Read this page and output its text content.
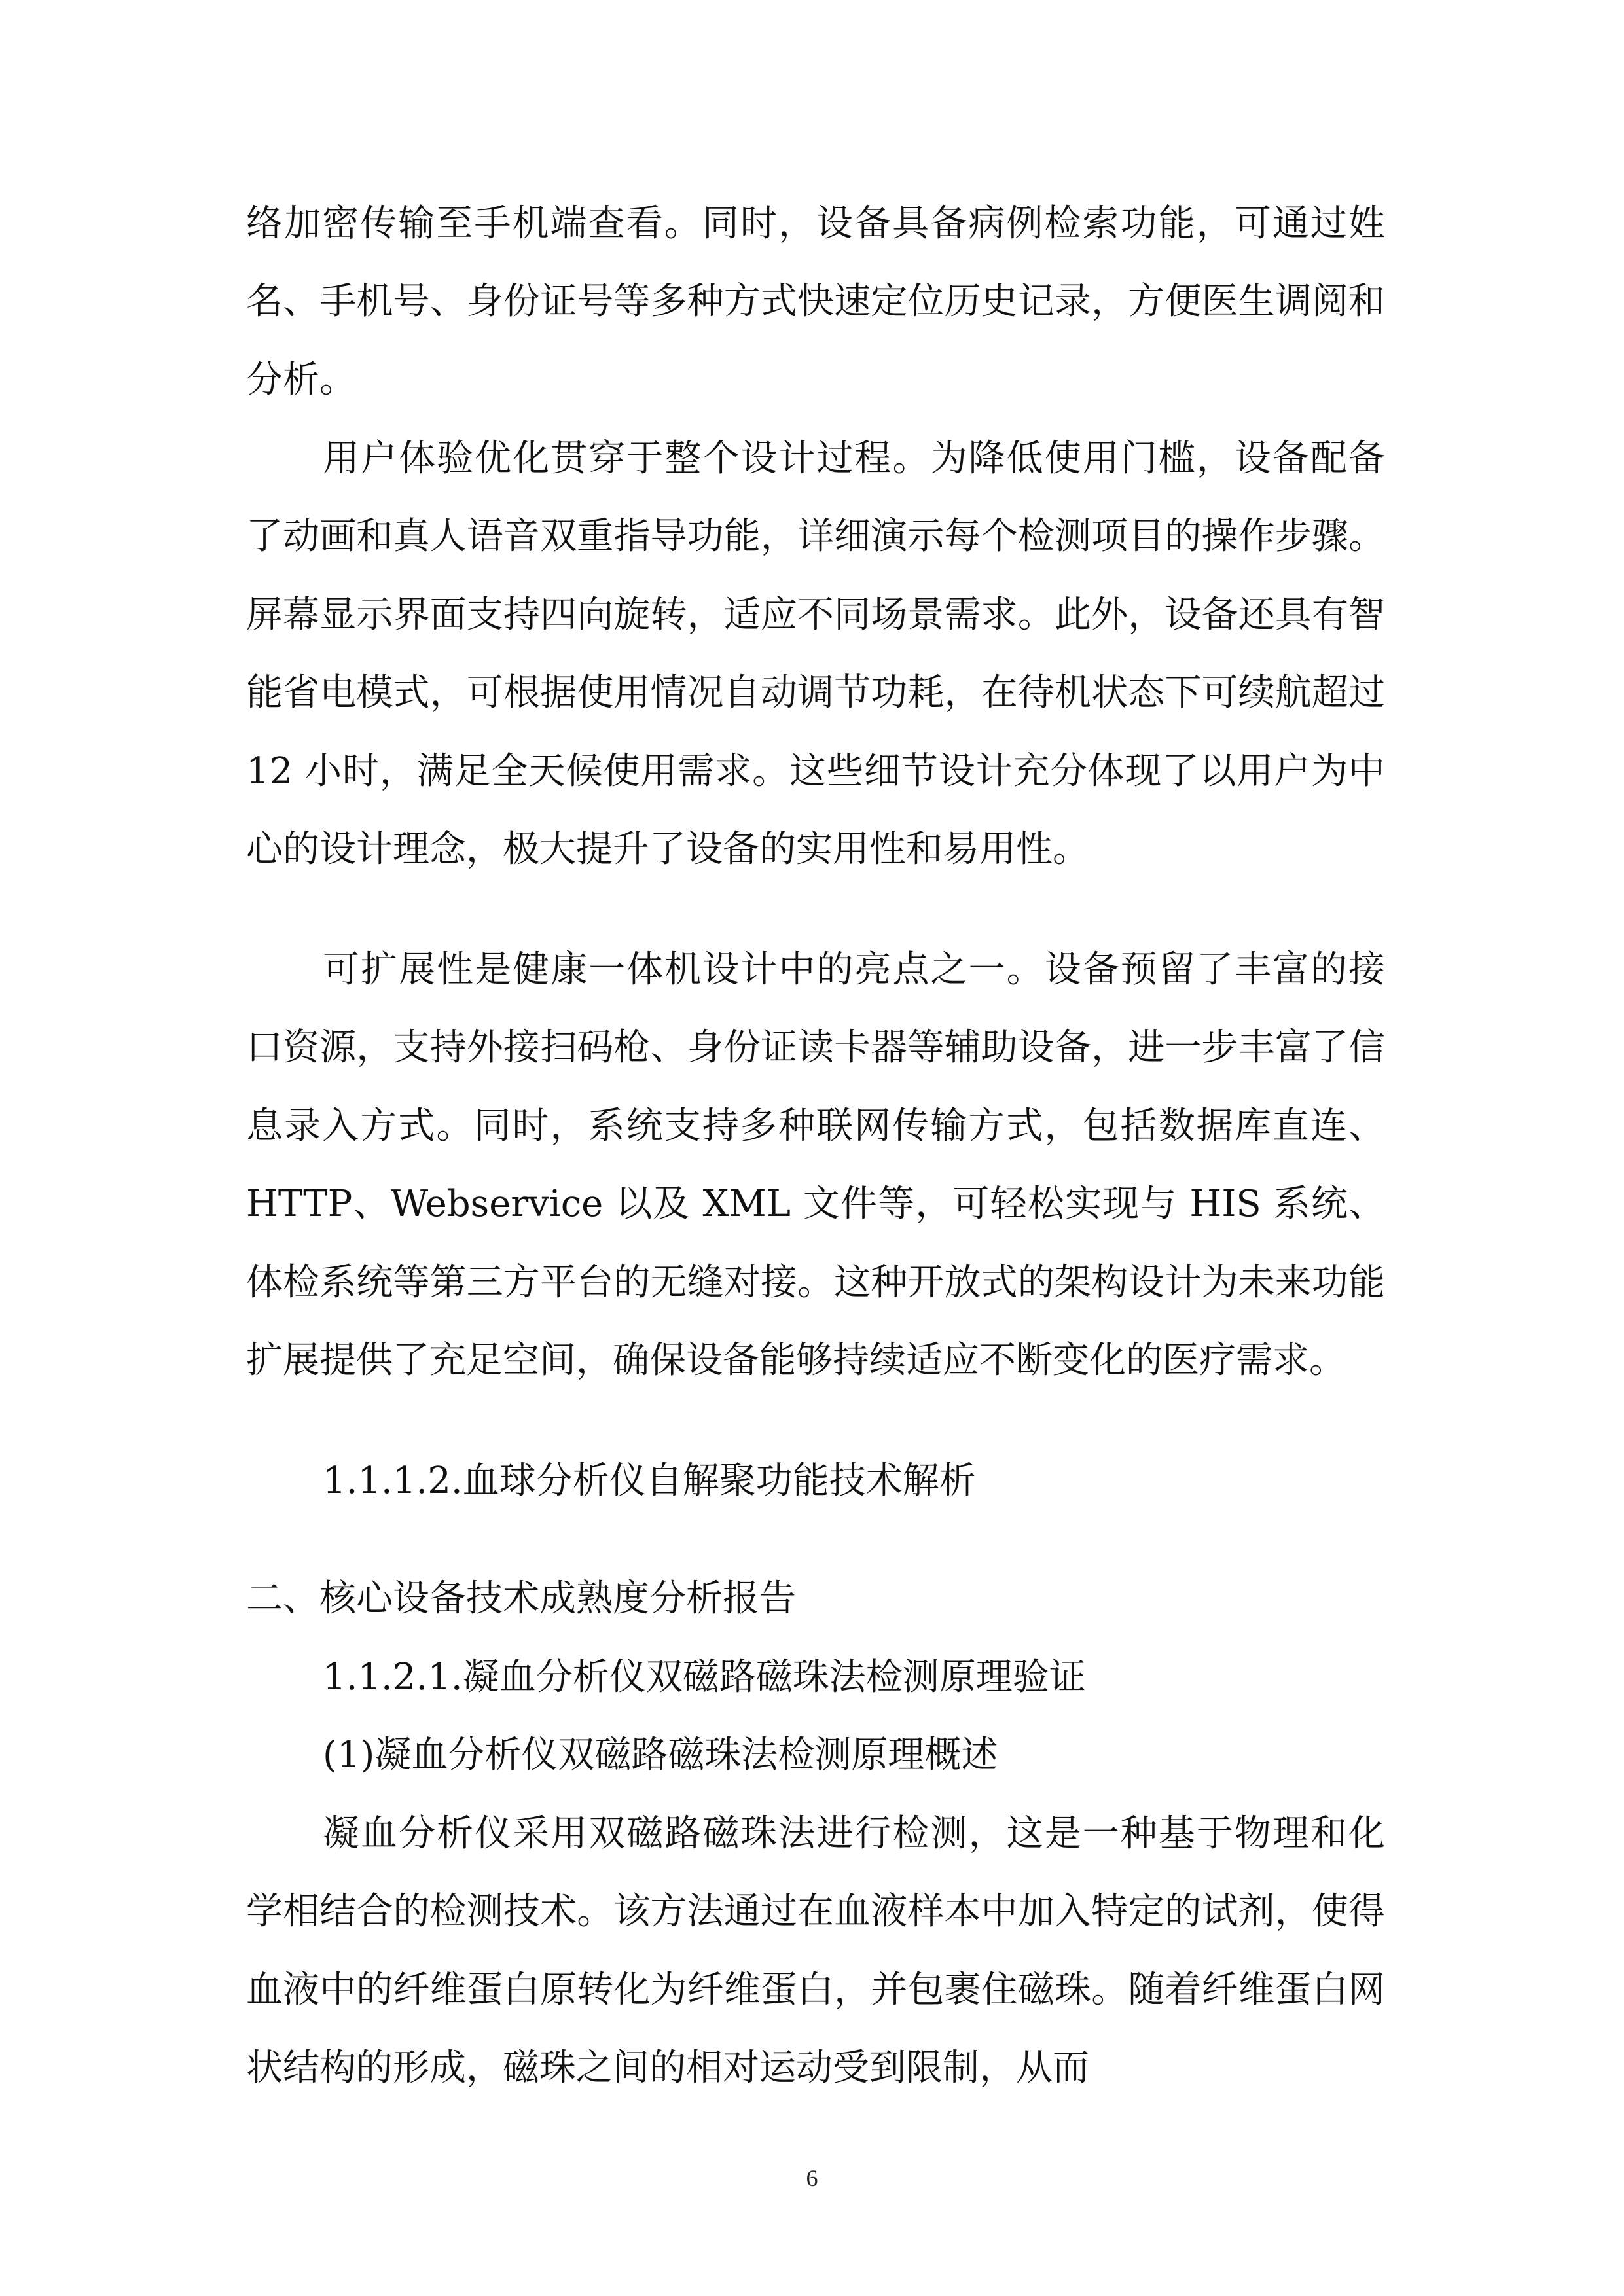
络加密传输至手机端查看。同时，设备具备病例检索功能，可通过姓名、手机号、身份证号等多种方式快速定位历史记录，方便医生调阅和分析。

用户体验优化贯穿于整个设计过程。为降低使用门槛，设备配备了动画和真人语音双重指导功能，详细演示每个检测项目的操作步骤。屏幕显示界面支持四向旋转，适应不同场景需求。此外，设备还具有智能省电模式，可根据使用情况自动调节功耗，在待机状态下可续航超过 12 小时，满足全天候使用需求。这些细节设计充分体现了以用户为中心的设计理念，极大提升了设备的实用性和易用性。

可扩展性是健康一体机设计中的亮点之一。设备预留了丰富的接口资源，支持外接扫码枪、身份证读卡器等辅助设备，进一步丰富了信息录入方式。同时，系统支持多种联网传输方式，包括数据库直连、HTTP、Webservice 以及 XML 文件等，可轻松实现与 HIS 系统、体检系统等第三方平台的无缝对接。这种开放式的架构设计为未来功能扩展提供了充足空间，确保设备能够持续适应不断变化的医疗需求。

1.1.1.2.血球分析仪自解聚功能技术解析
二、核心设备技术成熟度分析报告
1.1.2.1.凝血分析仪双磁路磁珠法检测原理验证
(1)凝血分析仪双磁路磁珠法检测原理概述

凝血分析仪采用双磁路磁珠法进行检测，这是一种基于物理和化学相结合的检测技术。该方法通过在血液样本中加入特定的试剂，使得血液中的纤维蛋白原转化为纤维蛋白，并包裹住磁珠。随着纤维蛋白网状结构的形成，磁珠之间的相对运动受到限制，从而

6
